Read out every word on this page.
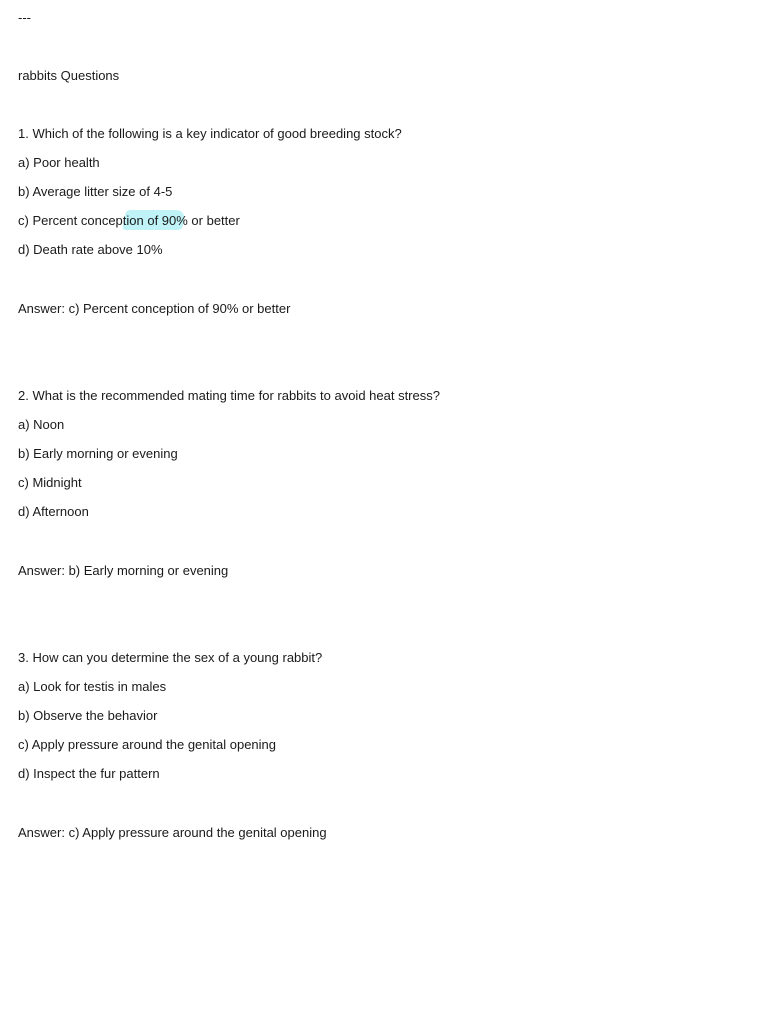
---
rabbits Questions
1. Which of the following is a key indicator of good breeding stock?
a) Poor health
b) Average litter size of 4-5
c) Percent conception of 90% or better
d) Death rate above 10%
Answer: c) Percent conception of 90% or better
2. What is the recommended mating time for rabbits to avoid heat stress?
a) Noon
b) Early morning or evening
c) Midnight
d) Afternoon
Answer: b) Early morning or evening
3. How can you determine the sex of a young rabbit?
a) Look for testis in males
b) Observe the behavior
c) Apply pressure around the genital opening
d) Inspect the fur pattern
Answer: c) Apply pressure around the genital opening
